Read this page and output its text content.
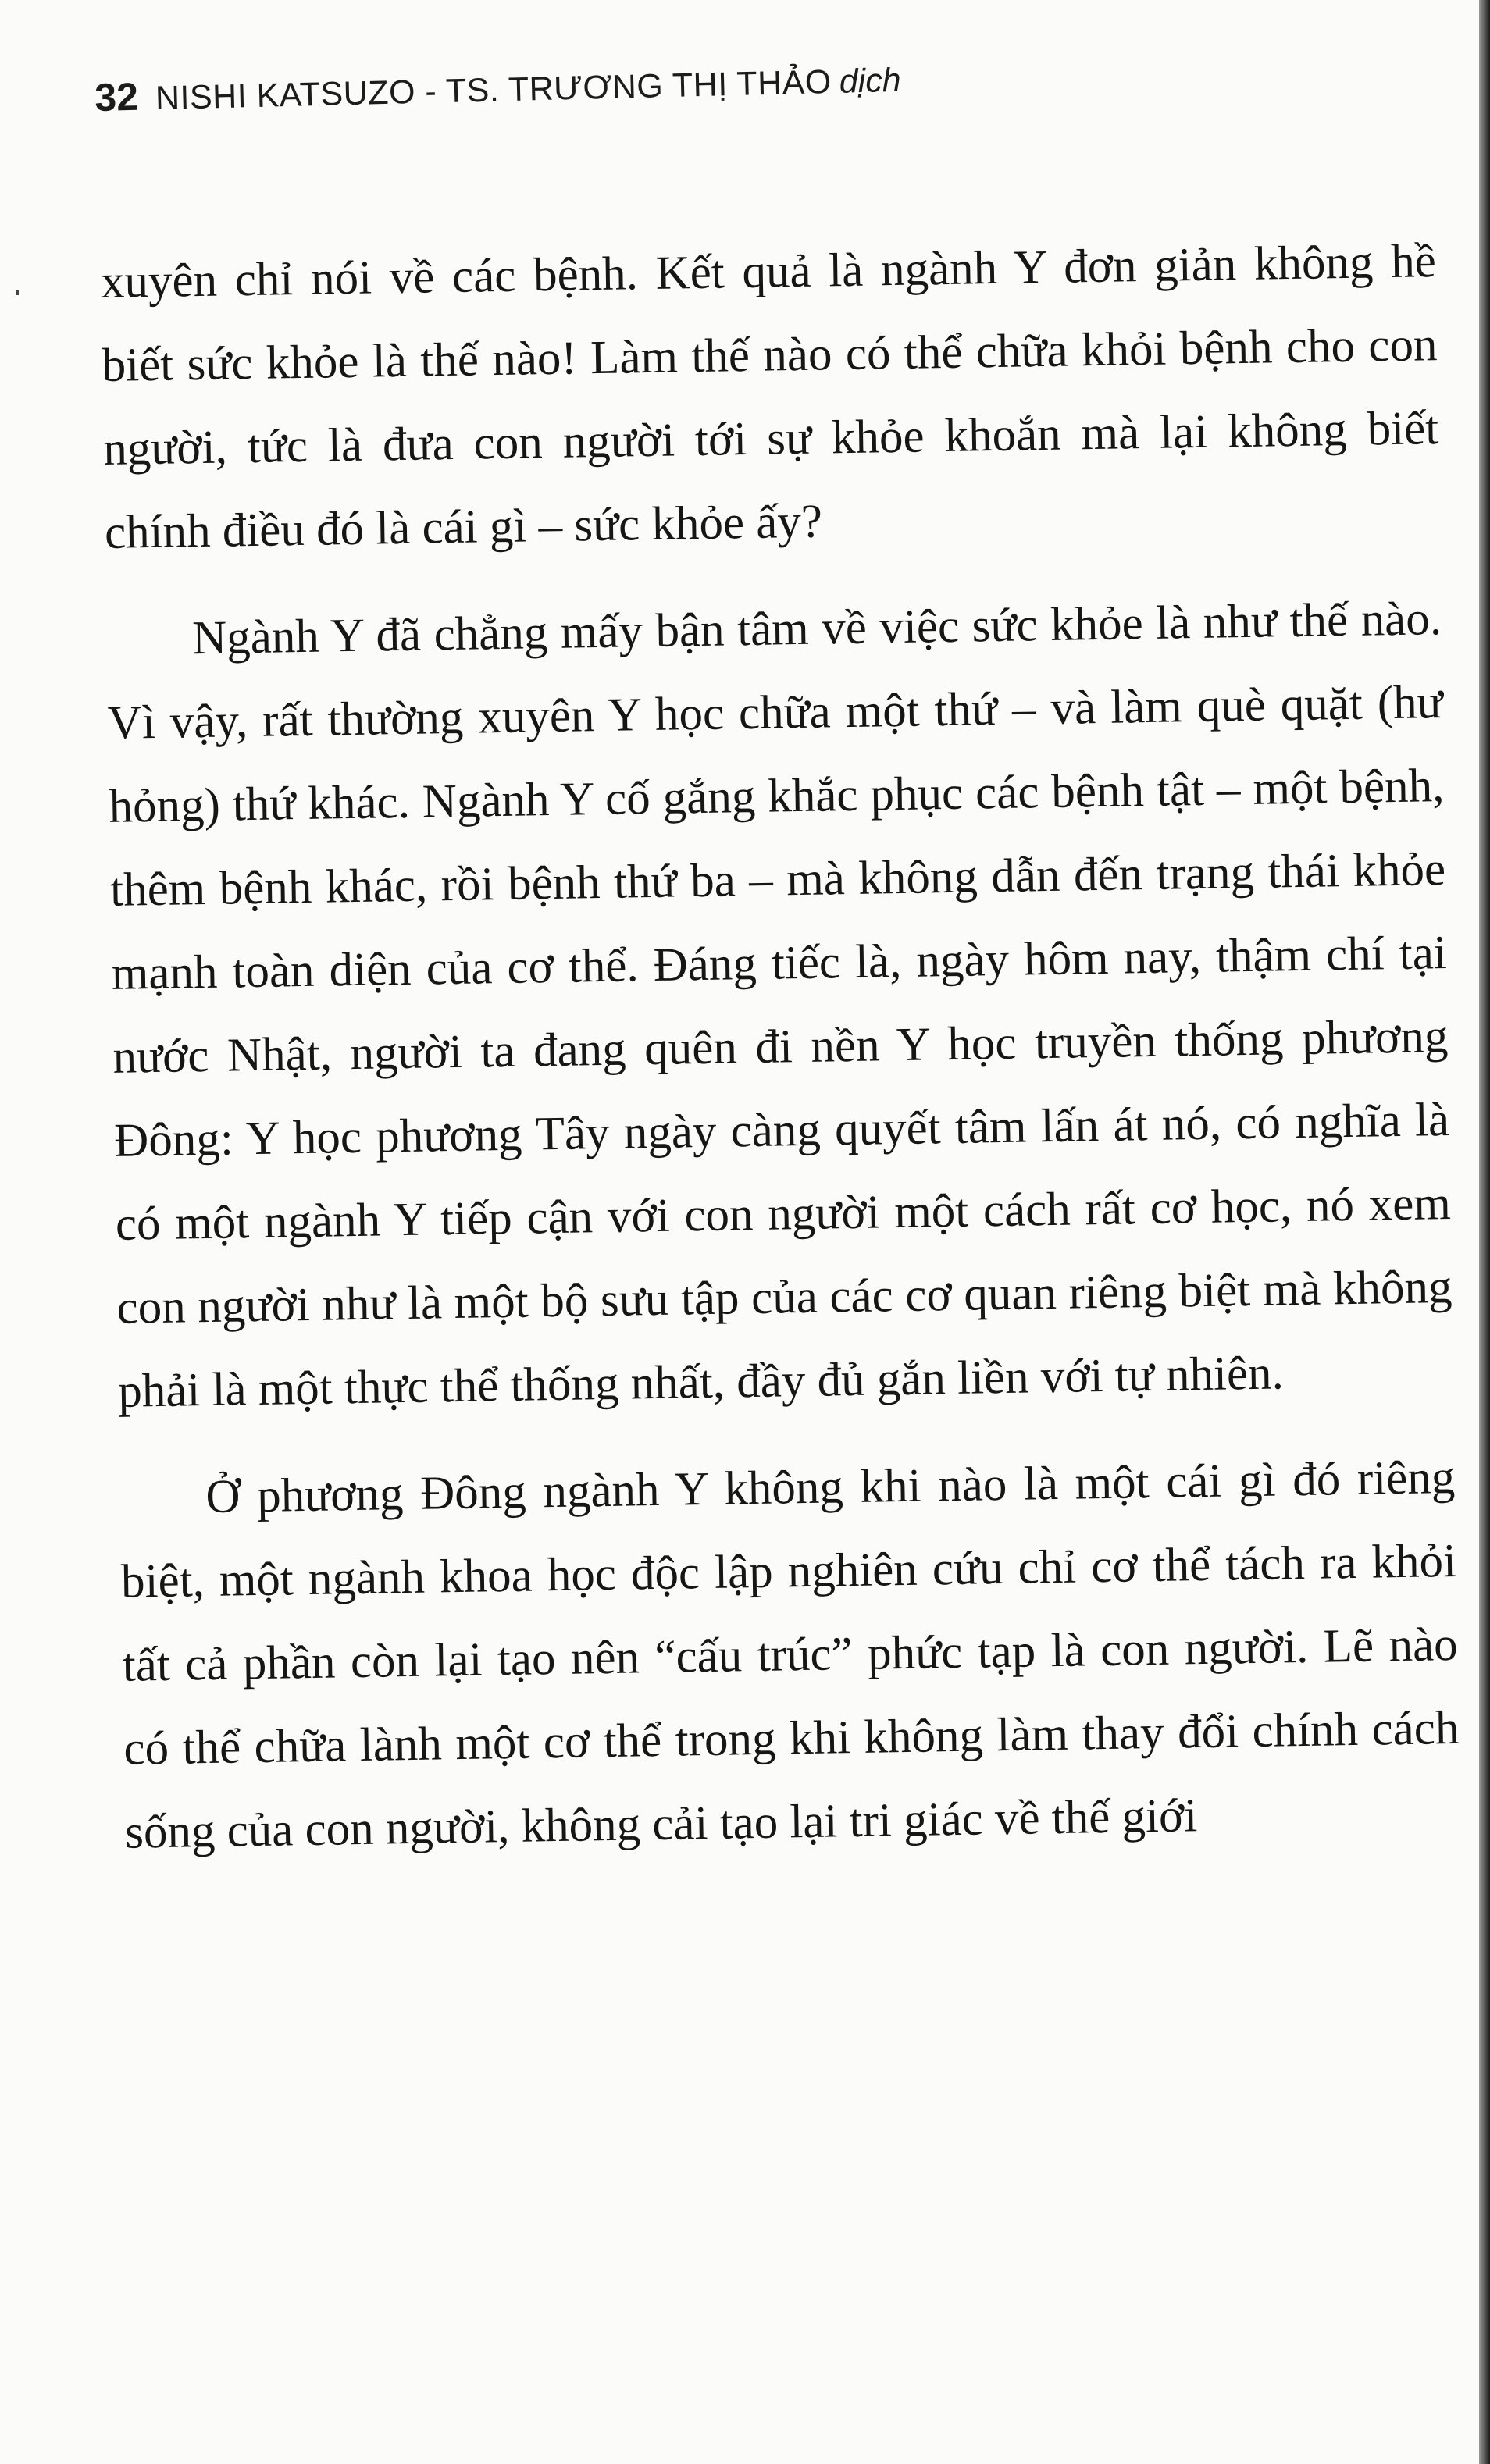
32 NISHI KATSUZO - TS. TRƯƠNG THỊ THẢO dịch

xuyên chỉ nói về các bệnh. Kết quả là ngành Y đơn giản không hề biết sức khỏe là thế nào! Làm thế nào có thể chữa khỏi bệnh cho con người, tức là đưa con người tới sự khỏe khoắn mà lại không biết chính điều đó là cái gì – sức khỏe ấy?

Ngành Y đã chẳng mấy bận tâm về việc sức khỏe là như thế nào. Vì vậy, rất thường xuyên Y học chữa một thứ – và làm què quặt (hư hỏng) thứ khác. Ngành Y cố gắng khắc phục các bệnh tật – một bệnh, thêm bệnh khác, rồi bệnh thứ ba – mà không dẫn đến trạng thái khỏe mạnh toàn diện của cơ thể. Đáng tiếc là, ngày hôm nay, thậm chí tại nước Nhật, người ta đang quên đi nền Y học truyền thống phương Đông: Y học phương Tây ngày càng quyết tâm lấn át nó, có nghĩa là có một ngành Y tiếp cận với con người một cách rất cơ học, nó xem con người như là một bộ sưu tập của các cơ quan riêng biệt mà không phải là một thực thể thống nhất, đầy đủ gắn liền với tự nhiên.

Ở phương Đông ngành Y không khi nào là một cái gì đó riêng biệt, một ngành khoa học độc lập nghiên cứu chỉ cơ thể tách ra khỏi tất cả phần còn lại tạo nên “cấu trúc” phức tạp là con người. Lẽ nào có thể chữa lành một cơ thể trong khi không làm thay đổi chính cách sống của con người, không cải tạo lại tri giác về thế giới
